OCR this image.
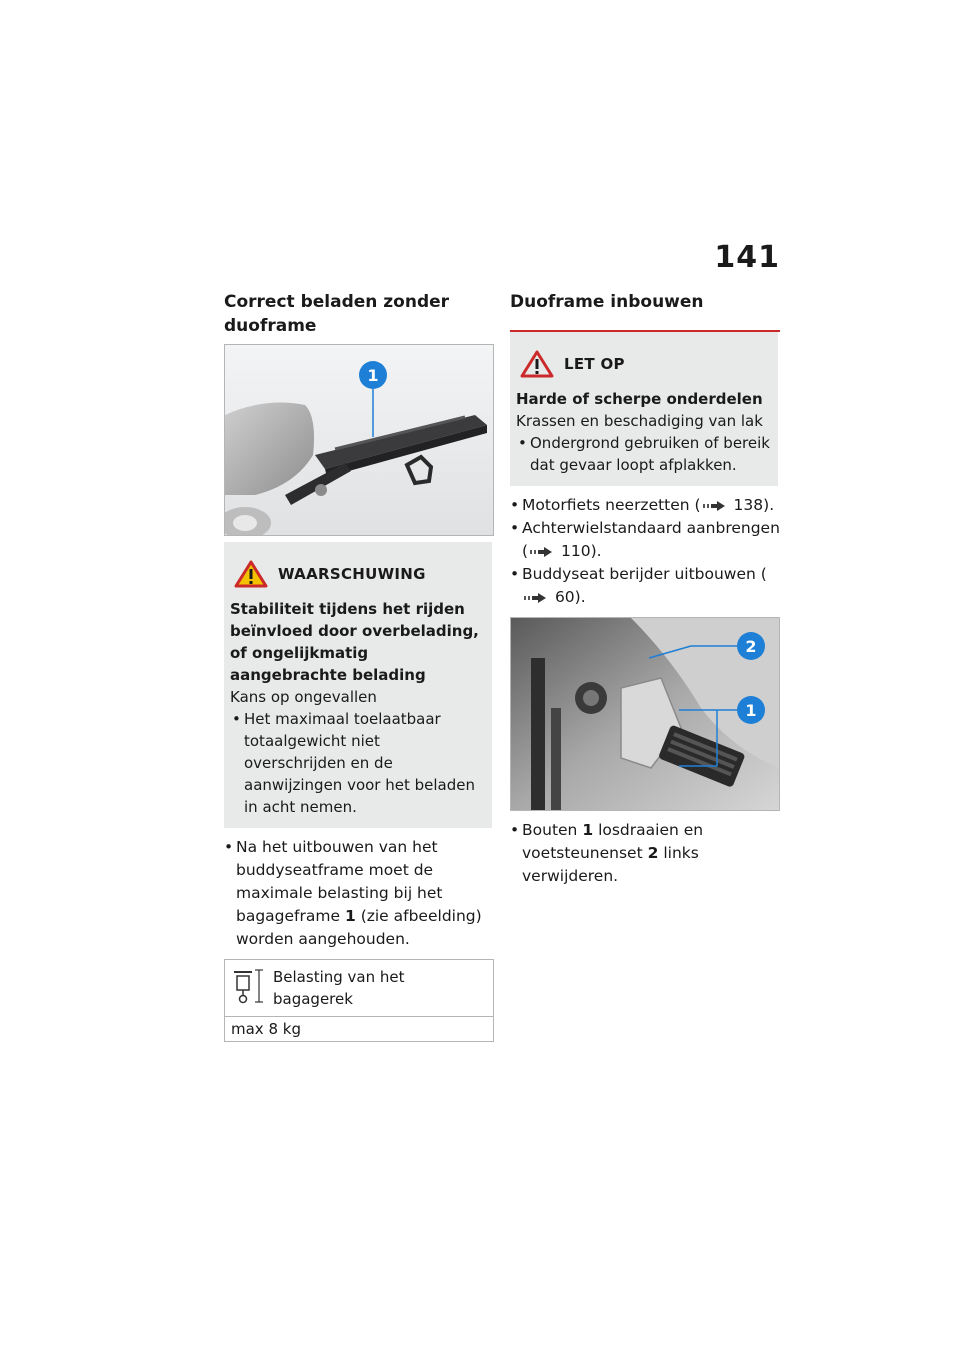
141
Correct beladen zonder duoframe
1
WAARSCHUWING
Stabiliteit tijdens het rijden beïnvloed door overbelading, of ongelijkmatig aangebrachte belading
Kans op ongevallen
• Het maximaal toelaatbaar totaalgewicht niet overschrijden en de aanwijzingen voor het beladen in acht nemen.
• Na het uitbouwen van het buddyseatframe moet de maximale belasting bij het bagageframe 1 (zie afbeelding) worden aangehouden.
Belasting van het bagagerek
max 8 kg
Duoframe inbouwen
LET OP
Harde of scherpe onderdelen
Krassen en beschadiging van lak
• Ondergrond gebruiken of bereik dat gevaar loopt afplakken.
• Motorfiets neerzetten ( 138).
• Achterwielstandaard aanbrengen ( 110).
• Buddyseat berijder uitbouwen ( 60).
2
1
• Bouten 1 losdraaien en voetsteunenset 2 links verwijderen.
